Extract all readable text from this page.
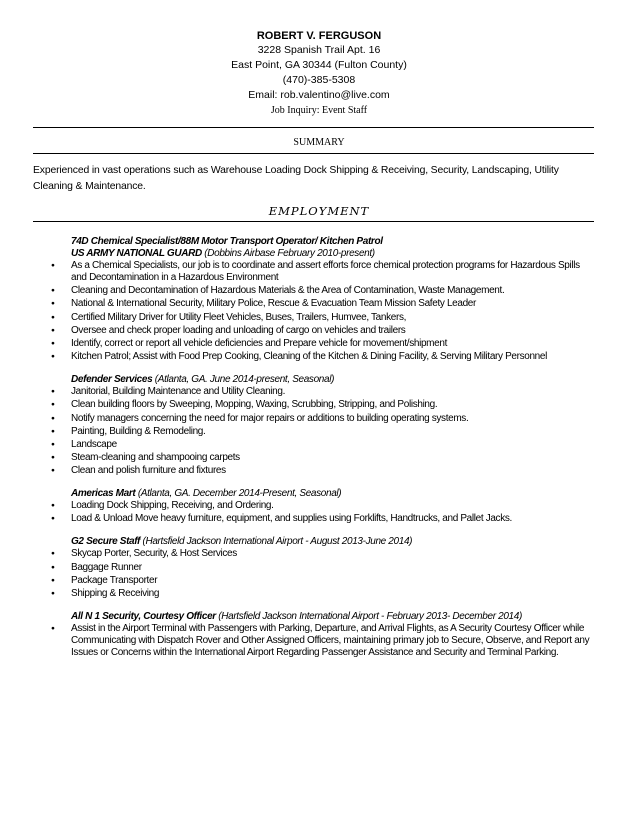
ROBERT V. FERGUSON
3228 Spanish Trail Apt. 16
East Point, GA 30344 (Fulton County)
(470)-385-5308
Email: rob.valentino@live.com
Job Inquiry: Event Staff
SUMMARY
Experienced in vast operations such as Warehouse Loading Dock Shipping & Receiving, Security, Landscaping, Utility Cleaning & Maintenance.
EMPLOYMENT
74D Chemical Specialist/88M Motor Transport Operator/ Kitchen Patrol
US ARMY NATIONAL GUARD (Dobbins Airbase February 2010-present)
● As a Chemical Specialists, our job is to coordinate and assert efforts force chemical protection programs for Hazardous Spills and Decontamination in a Hazardous Environment
● Cleaning and Decontamination of Hazardous Materials & the Area of Contamination, Waste Management.
● National & International Security, Military Police, Rescue & Evacuation Team Mission Safety Leader
● Certified Military Driver for Utility Fleet Vehicles, Buses, Trailers, Humvee, Tankers,
● Oversee and check proper loading and unloading of cargo on vehicles and trailers
● Identify, correct or report all vehicle deficiencies and Prepare vehicle for movement/shipment
● Kitchen Patrol; Assist with Food Prep Cooking, Cleaning of the Kitchen & Dining Facility, & Serving Military Personnel
Defender Services (Atlanta, GA. June 2014-present, Seasonal)
● Janitorial, Building Maintenance and Utility Cleaning.
● Clean building floors by Sweeping, Mopping, Waxing, Scrubbing, Stripping, and Polishing.
● Notify managers concerning the need for major repairs or additions to building operating systems.
● Painting, Building & Remodeling.
● Landscape
● Steam-cleaning and shampooing carpets
● Clean and polish furniture and fixtures
Americas Mart (Atlanta, GA. December 2014-Present, Seasonal)
● Loading Dock Shipping, Receiving, and Ordering.
● Load & Unload Move heavy furniture, equipment, and supplies using Forklifts, Handtrucks, and Pallet Jacks.
G2 Secure Staff (Hartsfield Jackson International Airport - August 2013-June 2014)
● Skycap Porter, Security, & Host Services
● Baggage Runner
● Package Transporter
● Shipping & Receiving
All N 1 Security, Courtesy Officer (Hartsfield Jackson International Airport - February 2013- December 2014)
● Assist in the Airport Terminal with Passengers with Parking, Departure, and Arrival Flights, as A Security Courtesy Officer while Communicating with Dispatch Rover and Other Assigned Officers, maintaining primary job to Secure, Observe, and Report any Issues or Concerns within the International Airport Regarding Passenger Assistance and Security and Terminal Parking.
